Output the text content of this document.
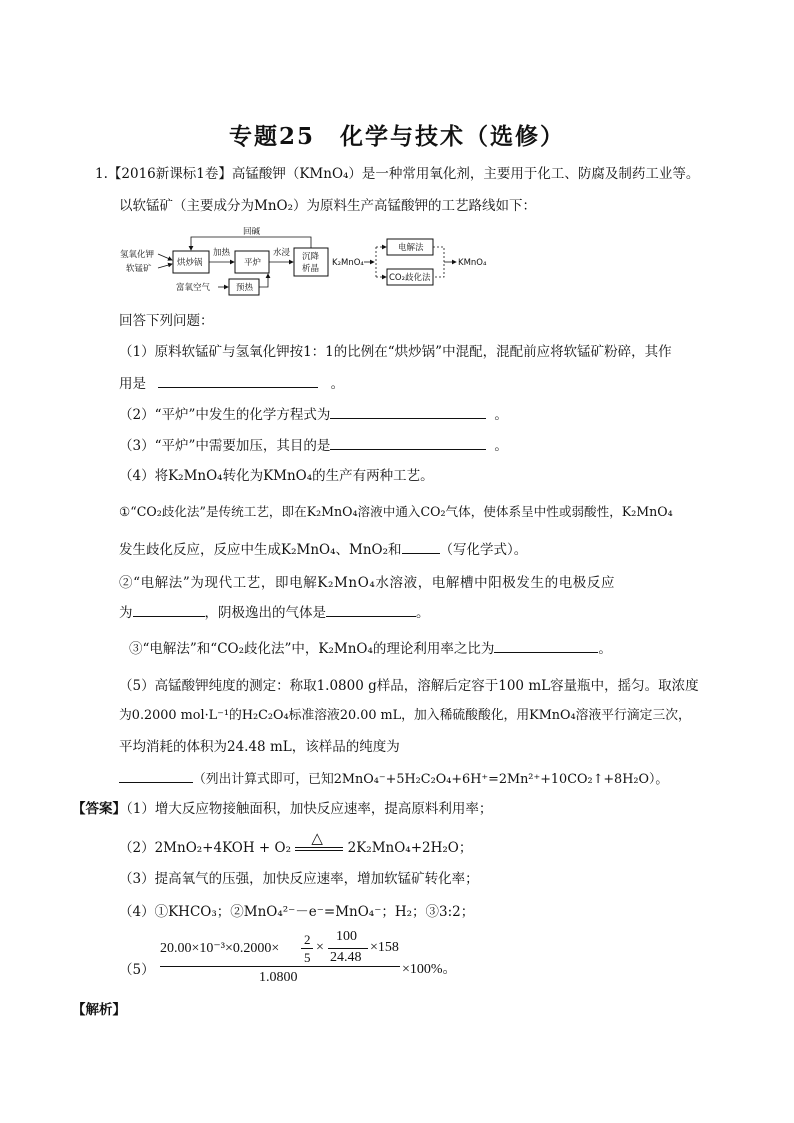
专题25　化学与技术（选修）
1.【2016新课标1卷】高锰酸钾（KMnO₄）是一种常用氧化剂，主要用于化工、防腐及制药工业等。
以软锰矿（主要成分为MnO₂）为原料生产高锰酸钾的工艺路线如下：
氢氧化钾
软锰矿
烘炒锅
加热
平炉
水浸 沉降
析晶
回碱
K₂MnO₄
电解法
CO₂歧化法
KMnO₄
富氧空气	预热
回答下列问题：
（1）原料软锰矿与氢氧化钾按1：1的比例在“烘炒锅”中混配，混配前应将软锰矿粉碎，其作
用是	。
（2）“平炉”中发生的化学方程式为	。
（3）“平炉”中需要加压，其目的是	。
（4）将K₂MnO₄转化为KMnO₄的生产有两种工艺。
①“CO₂歧化法”是传统工艺，即在K₂MnO₄溶液中通入CO₂气体，使体系呈中性或弱酸性，K₂MnO₄
发生歧化反应，反应中生成K₂MnO₄、MnO₂和	（写化学式）。
②“电解法”为现代工艺，即电解K₂MnO₄水溶液，电解槽中阳极发生的电极反应
为	，阴极逸出的气体是	。
③“电解法”和“CO₂歧化法”中，K₂MnO₄的理论利用率之比为	。
（5）高锰酸钾纯度的测定：称取1.0800 g样品，溶解后定容于100 mL容量瓶中，摇匀。取浓度
为0.2000 mol·L⁻¹的H₂C₂O₄标准溶液20.00 mL，加入稀硫酸酸化，用KMnO₄溶液平行滴定三次，
平均消耗的体积为24.48 mL，该样品的纯度为
（列出计算式即可，已知2MnO₄⁻+5H₂C₂O₄+6H⁺=2Mn²⁺+10CO₂↑+8H₂O）。
【答案】（1）增大反应物接触面积，加快反应速率，提高原料利用率；
（2）2MnO₂+4KOH + O₂
△
2K₂MnO₄+2H₂O；
（3）提高氧气的压强，加快反应速率，增加软锰矿转化率；
（4）①KHCO₃；②MnO₄²⁻－e⁻=MnO₄⁻；H₂；③3:2；
（5）
20.00×10⁻³×0.2000×
2
5
×
100
24.48
×158
1.0800
×100%。
【解析】
